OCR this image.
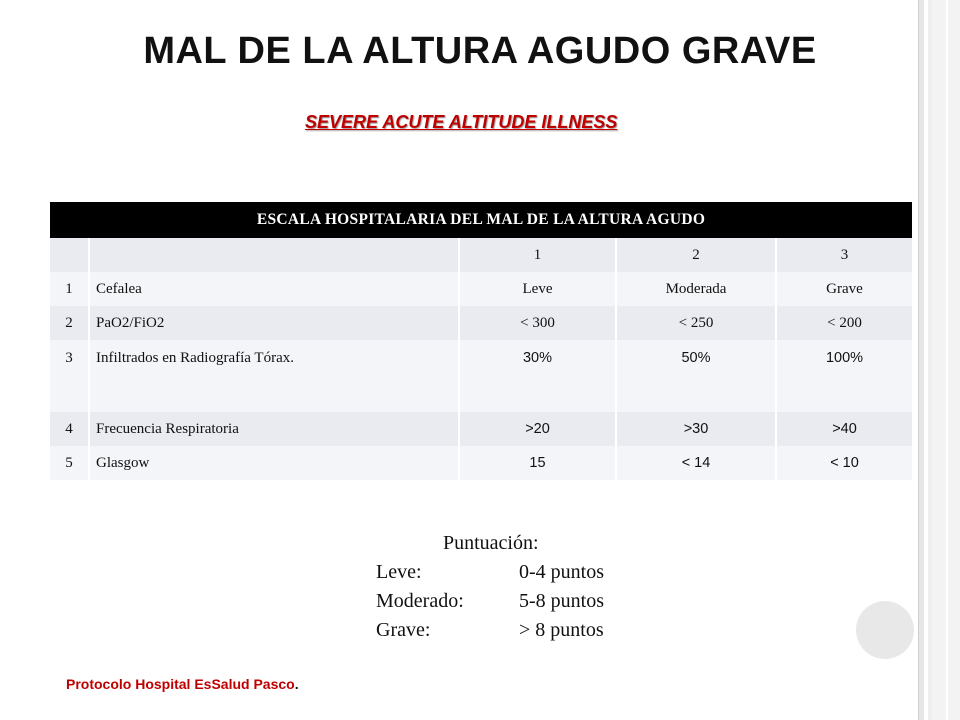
MAL DE LA ALTURA AGUDO GRAVE
SEVERE ACUTE ALTITUDE ILLNESS
ESCALA HOSPITALARIA DEL MAL DE LA ALTURA AGUDO				
		1	2	3
1	Cefalea	Leve	Moderada	Grave
2	PaO2/FiO2	< 300	< 250	< 200
3	Infiltrados en Radiografía Tórax.	30%	50%	100%
4	Frecuencia Respiratoria	>20	>30	>40
5	Glasgow	15	< 14	< 10
Puntuación:
Leve:	0-4 puntos
Moderado:	5-8 puntos
Grave:	> 8 puntos
Protocolo Hospital EsSalud Pasco.
